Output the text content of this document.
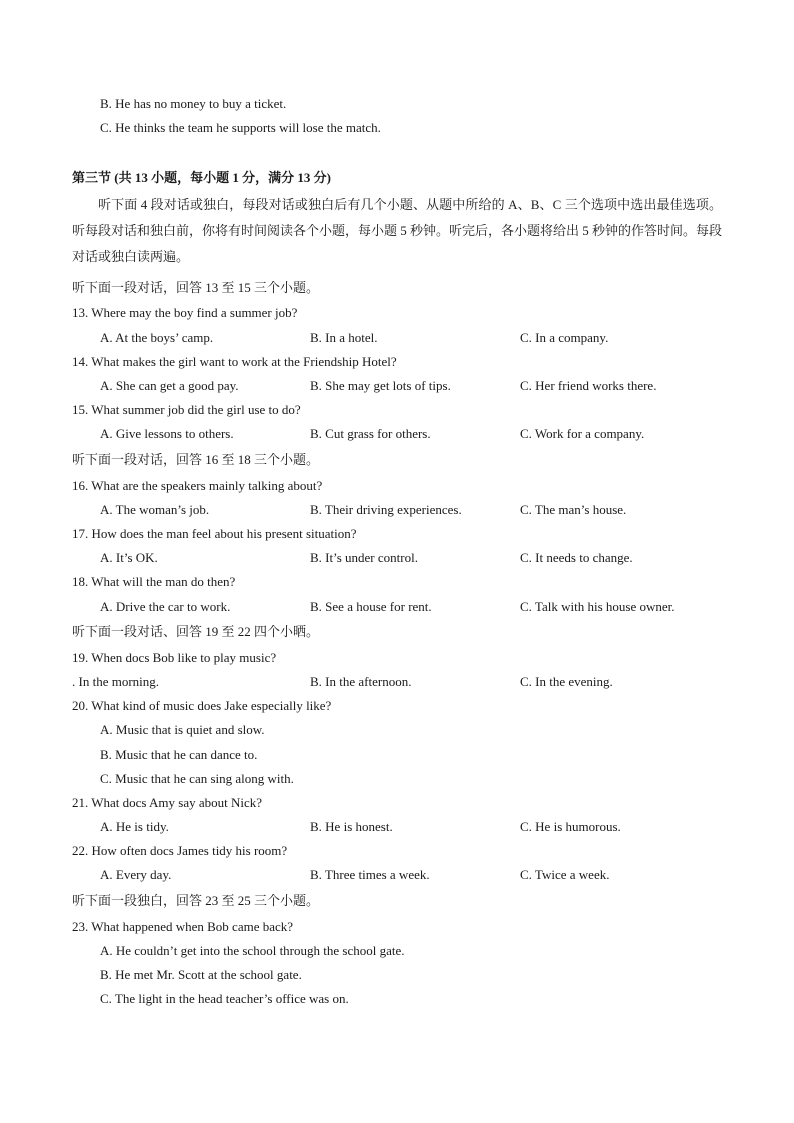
B. He has no money to buy a ticket.
C. He thinks the team he supports will lose the match.
第三节 (共 13 小题，每小题 1 分，满分 13 分)

听下面 4 段对话或独白，每段对话或独白后有几个小题、从题中所给的 A、B、C 三个选项中选出最佳选项。听每段对话和独白前，你将有时间阅读各个小题，每小题 5 秒钟。听完后，各小题将给出 5 秒钟的作答时间。每段对话或独白读两遍。

听下面一段对话，回答 13 至 15 三个小题。
13. Where may the boy find a summer job?
A. At the boys’ camp.	B. In a hotel.	C. In a company.
14. What makes the girl want to work at the Friendship Hotel?
A. She can get a good pay.	B. She may get lots of tips.	C. Her friend works there.
15. What summer job did the girl use to do?
A. Give lessons to others.	B. Cut grass for others.	C. Work for a company.
听下面一段对话，回答 16 至 18 三个小题。
16. What are the speakers mainly talking about?
A. The woman’s job.	B. Their driving experiences.	C. The man’s house.
17. How does the man feel about his present situation?
A. It’s OK.	B. It’s under control.	C. It needs to change.
18. What will the man do then?
A. Drive the car to work.	B. See a house for rent.	C. Talk with his house owner.
听下面一段对话、回答 19 至 22 四个小晒。
19. When docs Bob like to play music?
. In the morning.	B. In the afternoon.	C. In the evening.
20. What kind of music does Jake especially like?
A. Music that is quiet and slow.
B. Music that he can dance to.
C. Music that he can sing along with.
21. What docs Amy say about Nick?
A. He is tidy.	B. He is honest.	C. He is humorous.
22. How often docs James tidy his room?
A. Every day.	B. Three times a week.	C. Twice a week.
听下面一段独白，回答 23 至 25 三个小题。
23. What happened when Bob came back?
A. He couldn’t get into the school through the school gate.
B. He met Mr. Scott at the school gate.
C. The light in the head teacher’s office was on.
